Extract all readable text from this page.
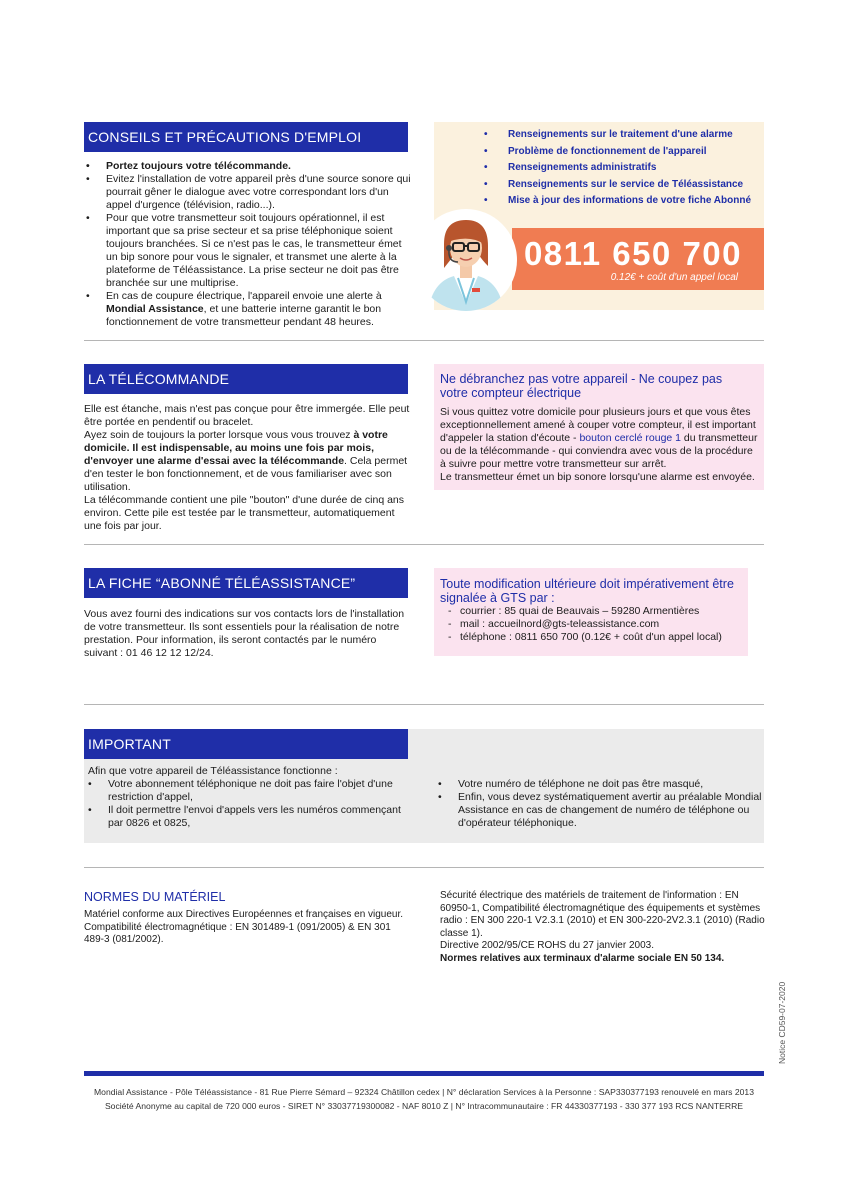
CONSEILS ET PRÉCAUTIONS D'EMPLOI
• Portez toujours votre télécommande.
• Evitez l'installation de votre appareil près d'une source sonore qui pourrait gêner le dialogue avec votre correspondant lors d'un appel d'urgence (télévision, radio...).
• Pour que votre transmetteur soit toujours opérationnel, il est important que sa prise secteur et sa prise téléphonique soient toujours branchées. Si ce n'est pas le cas, le transmetteur émet un bip sonore pour vous le signaler, et transmet une alerte à la plateforme de Téléassistance. La prise secteur ne doit pas être branchée sur une multiprise.
• En cas de coupure électrique, l'appareil envoie une alerte à Mondial Assistance, et une batterie interne garantit le bon fonctionnement de votre transmetteur pendant 48 heures.
• Renseignements sur le traitement d'une alarme
• Problème de fonctionnement de l'appareil
• Renseignements administratifs
• Renseignements sur le service de Téléassistance
• Mise à jour des informations de votre fiche Abonné
0811 650 700
0.12€ + coût d'un appel local
LA TÉLÉCOMMANDE

Elle est étanche, mais n'est pas conçue pour être immergée. Elle peut être portée en pendentif ou bracelet.

Ayez soin de toujours la porter lorsque vous vous trouvez à votre domicile. Il est indispensable, au moins une fois par mois, d'envoyer une alarme d'essai avec la télécommande. Cela permet d'en tester le bon fonctionnement, et de vous familiariser avec son utilisation.

La télécommande contient une pile "bouton" d'une durée de cinq ans environ. Cette pile est testée par le transmetteur, automatiquement une fois par jour.

Ne débranchez pas votre appareil - Ne coupez pas votre compteur électrique
Si vous quittez votre domicile pour plusieurs jours et que vous êtes exceptionnellement amené à couper votre compteur, il est important d'appeler la station d'écoute - bouton cerclé rouge 1 du transmetteur ou de la télécommande - qui conviendra avec vous de la procédure à suivre pour mettre votre transmetteur sur arrêt.
Le transmetteur émet un bip sonore lorsqu'une alarme est envoyée.
LA FICHE “ABONNÉ TÉLÉASSISTANCE”
Vous avez fourni des indications sur vos contacts lors de l'installation de votre transmetteur. Ils sont essentiels pour la réalisation de notre prestation. Pour information, ils seront contactés par le numéro suivant : 01 46 12 12 12/24.
Toute modification ultérieure doit impérativement être signalée à GTS par :
- courrier : 85 quai de Beauvais – 59280 Armentières
- mail : accueilnord@gts-teleassistance.com
- téléphone : 0811 650 700 (0.12€ + coût d'un appel local)
IMPORTANT
Afin que votre appareil de Téléassistance fonctionne :
• Votre abonnement téléphonique ne doit pas faire l'objet d'une restriction d'appel,
• Il doit permettre l'envoi d'appels vers les numéros commençant par 0826 et 0825,
• Votre numéro de téléphone ne doit pas être masqué,
• Enfin, vous devez systématiquement avertir au préalable Mondial Assistance en cas de changement de numéro de téléphone ou d'opérateur téléphonique.
NORMES DU MATÉRIEL
Matériel conforme aux Directives Européennes et françaises en vigueur. Compatibilité électromagnétique : EN 301489-1 (091/2005) & EN 301 489-3 (081/2002).

Sécurité électrique des matériels de traitement de l'information : EN 60950-1, Compatibilité électromagnétique des équipements et systèmes radio : EN 300 220-1 V2.3.1 (2010) et EN 300-220-2V2.3.1 (2010) (Radio classe 1).

Directive 2002/95/CE ROHS du 27 janvier 2003.

Normes relatives aux terminaux d'alarme sociale EN 50 134.

Notice CD59-07-2020
Mondial Assistance - Pôle Téléassistance - 81 Rue Pierre Sémard – 92324 Châtillon cedex | N° déclaration Services à la Personne : SAP330377193 renouvelé en mars 2013
Société Anonyme au capital de 720 000 euros - SIRET N° 33037719300082 - NAF 8010 Z | N° Intracommunautaire : FR 44330377193 - 330 377 193 RCS NANTERRE
